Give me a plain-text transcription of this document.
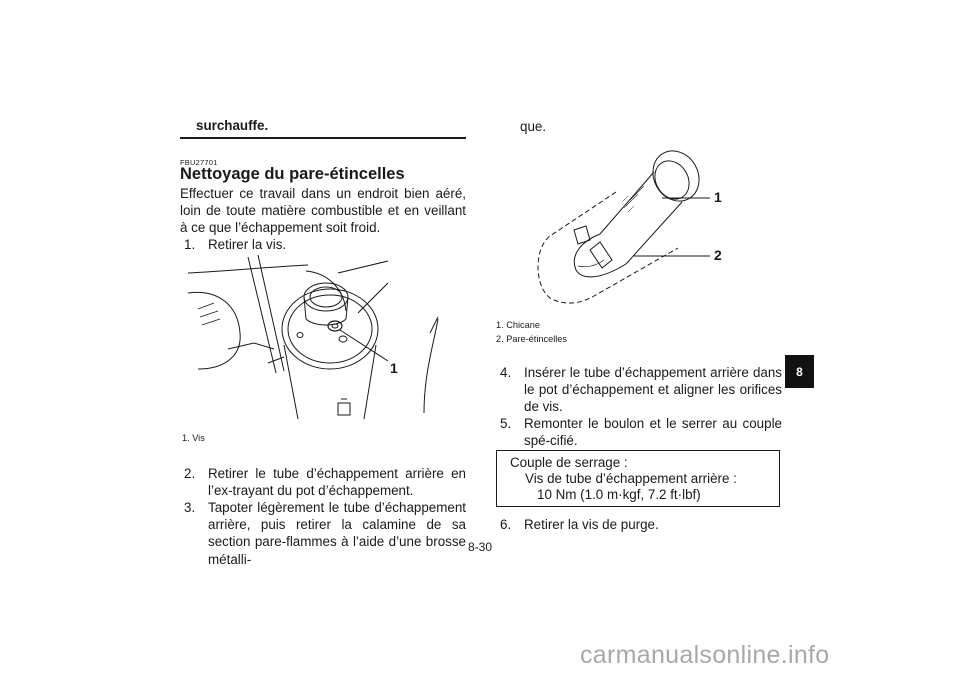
surchauffe.
FBU27701
Nettoyage du pare-étincelles
Effectuer ce travail dans un endroit bien aéré, loin de toute matière combustible et en veillant à ce que l’échappement soit froid.
1. Retirer la vis.
1
1. Vis
2. Retirer le tube d’échappement arrière en l’ex-trayant du pot d’échappement.
3. Tapoter légèrement le tube d’échappement arrière, puis retirer la calamine de sa section pare-flammes à l’aide d’une brosse métalli-
que.
1
2
1. Chicane
2. Pare-étincelles
4. Insérer le tube d’échappement arrière dans le pot d’échappement et aligner les orifices de vis.
5. Remonter le boulon et le serrer au couple spé-cifié.
Couple de serrage :
Vis de tube d’échappement arrière :
10 Nm (1.0 m·kgf, 7.2 ft·lbf)
6. Retirer la vis de purge.
8
8-30
carmanualsonline.info
